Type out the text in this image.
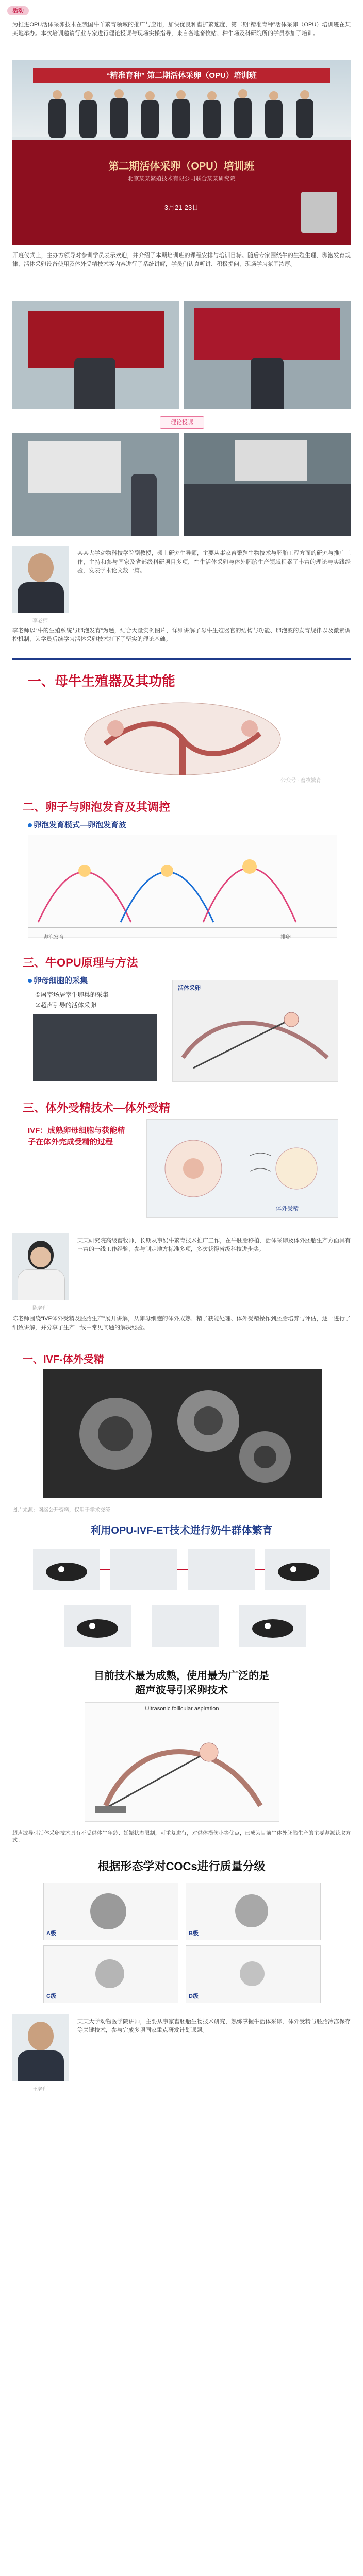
活动
为推进OPU活体采卵技术在我国牛羊繁育领域的推广与应用，加快优良种畜扩繁速度，第二期“精准育种”活体采卵（OPU）培训班在某某地举办。本次培训邀请行业专家进行理论授课与现场实操指导，来自各地畜牧站、种牛场及科研院所的学员参加了培训。
“精准育种” 第二期活体采卵（OPU）培训班
第二期活体采卵（OPU）培训班
北京某某繁殖技术有限公司联合某某研究院
3月21-23日
开班仪式上，主办方领导对参训学员表示欢迎，并介绍了本期培训班的课程安排与培训目标。随后专家围绕牛的生殖生理、卵泡发育规律、活体采卵设备使用及体外受精技术等内容进行了系统讲解，学员们认真听讲、积极提问，现场学习氛围浓厚。
理论授课
李老师
某某大学动物科技学院副教授，硕士研究生导师，主要从事家畜繁殖生物技术与胚胎工程方面的研究与推广工作，主持和参与国家及省部级科研项目多项，在牛活体采卵与体外胚胎生产领域积累了丰富的理论与实践经验，发表学术论文数十篇。
李老师以“牛的生殖系统与卵泡发育”为题，结合大量实例图片，详细讲解了母牛生殖器官的结构与功能、卵泡波的发育规律以及激素调控机制，为学员后续学习活体采卵技术打下了坚实的理论基础。
一、母牛生殖器及其功能
公众号 · 畜牧繁育
二、卵子与卵泡发育及其调控
卵泡发育模式—卵泡发育波
卵泡发育	排卵
三、牛OPU原理与方法
卵母细胞的采集
①屠宰场屠宰牛卵巢的采集
②超声引导的活体采卵
活体采卵
三、体外受精技术—体外受精
IVF：成熟卵母细胞与获能精子在体外完成受精的过程
体外受精
陈老师
某某研究院高级畜牧师，长期从事奶牛繁育技术推广工作，在牛胚胎移植、活体采卵及体外胚胎生产方面具有丰富的一线工作经验，参与制定地方标准多项，多次获得省级科技进步奖。
陈老师围绕“IVF体外受精及胚胎生产”展开讲解，从卵母细胞的体外成熟、精子获能处理、体外受精操作到胚胎培养与评估，逐一进行了细致讲解，并分享了生产一线中常见问题的解决经验。
一、IVF-体外受精
图片来源：网络公开资料，仅用于学术交流
利用OPU-IVF-ET技术进行奶牛群体繁育
目前技术最为成熟，使用最为广泛的是
超声波导引采卵技术
Ultrasonic follicular aspiration
超声波导引活体采卵技术具有不受供体牛年龄、妊娠状态限制，可重复进行，对供体损伤小等优点，已成为目前牛体外胚胎生产的主要卵源获取方式。
根据形态学对COCs进行质量分级
A级	B级
C级	D级
王老师
某某大学动物医学院讲师，主要从事家畜胚胎生物技术研究，熟练掌握牛活体采卵、体外受精与胚胎冷冻保存等关键技术，参与完成多项国家重点研发计划课题。
